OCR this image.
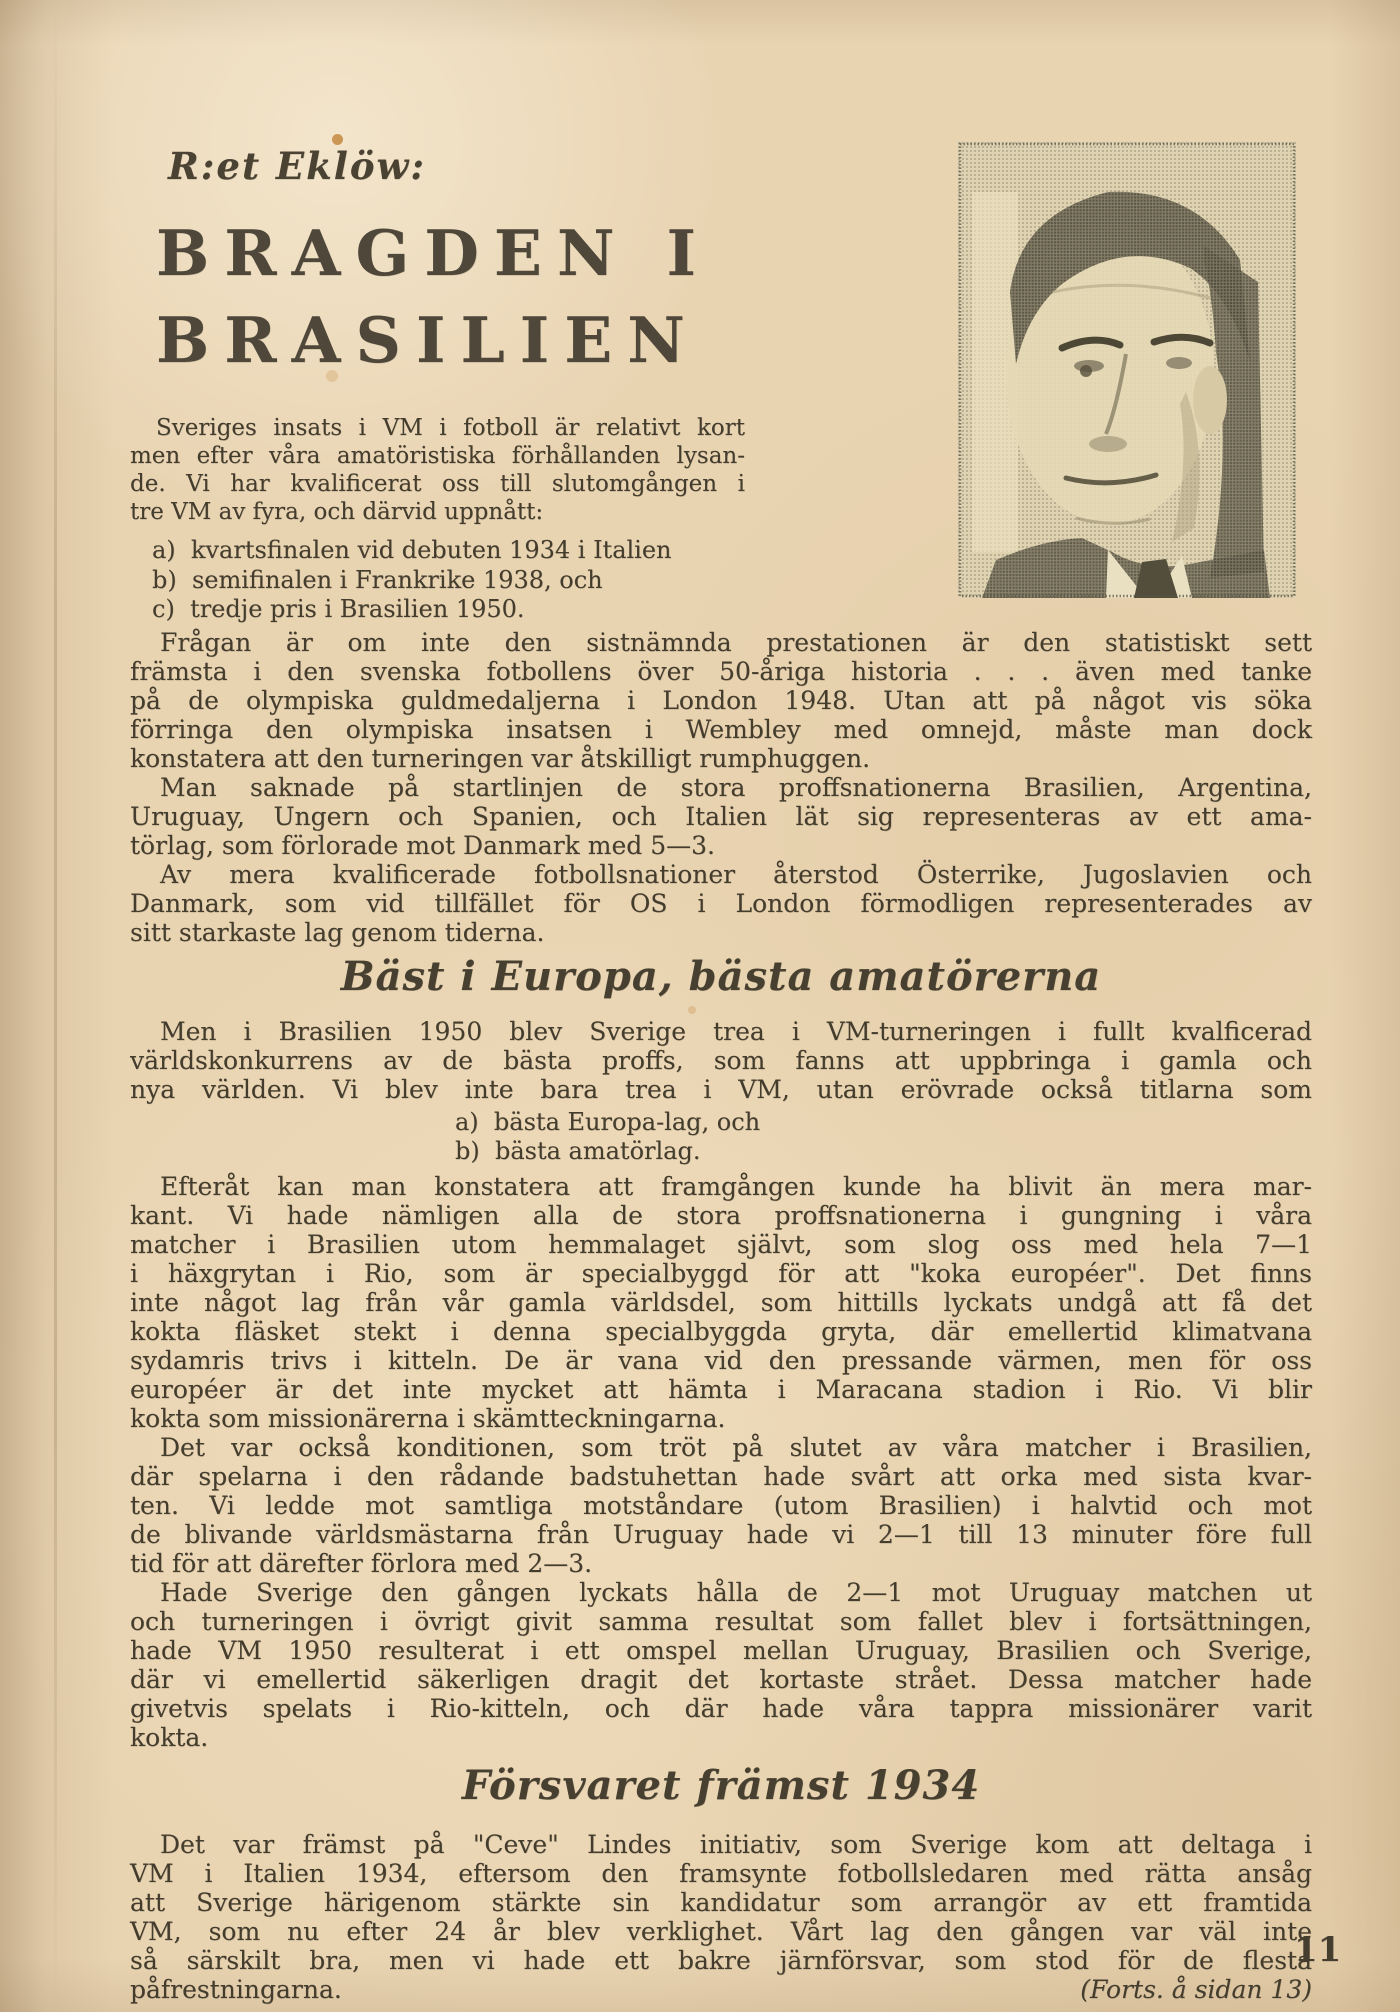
R:et Eklöw:
BRAGDEN I
BRASILIEN
Sveriges insats i VM i fotboll är relativt kort
men efter våra amatöristiska förhållanden lysan-
de. Vi har kvalificerat oss till slutomgången i
tre VM av fyra, och därvid uppnått:
a)  kvartsfinalen vid debuten 1934 i Italien
b)  semifinalen i Frankrike 1938, och
c)  tredje pris i Brasilien 1950.
Frågan är om inte den sistnämnda prestationen är den statistiskt sett
främsta i den svenska fotbollens över 50-åriga historia . . . även med tanke
på de olympiska guldmedaljerna i London 1948. Utan att på något vis söka
förringa den olympiska insatsen i Wembley med omnejd, måste man dock
konstatera att den turneringen var åtskilligt rumphuggen.
Man saknade på startlinjen de stora proffsnationerna Brasilien, Argentina,
Uruguay, Ungern och Spanien, och Italien lät sig representeras av ett ama-
törlag, som förlorade mot Danmark med 5—3.
Av mera kvalificerade fotbollsnationer återstod Österrike, Jugoslavien och
Danmark, som vid tillfället för OS i London förmodligen representerades av
sitt starkaste lag genom tiderna.
Bäst i Europa, bästa amatörerna
Men i Brasilien 1950 blev Sverige trea i VM-turneringen i fullt kvalficerad
världskonkurrens av de bästa proffs, som fanns att uppbringa i gamla och
nya världen. Vi blev inte bara trea i VM, utan erövrade också titlarna som
a)  bästa Europa-lag, och
b)  bästa amatörlag.
Efteråt kan man konstatera att framgången kunde ha blivit än mera mar-
kant. Vi hade nämligen alla de stora proffsnationerna i gungning i våra
matcher i Brasilien utom hemmalaget självt, som slog oss med hela 7—1
i häxgrytan i Rio, som är specialbyggd för att "koka européer". Det finns
inte något lag från vår gamla världsdel, som hittills lyckats undgå att få det
kokta fläsket stekt i denna specialbyggda gryta, där emellertid klimatvana
sydamris trivs i kitteln. De är vana vid den pressande värmen, men för oss
européer är det inte mycket att hämta i Maracana stadion i Rio. Vi blir
kokta som missionärerna i skämtteckningarna.
Det var också konditionen, som tröt på slutet av våra matcher i Brasilien,
där spelarna i den rådande badstuhettan hade svårt att orka med sista kvar-
ten. Vi ledde mot samtliga motståndare (utom Brasilien) i halvtid och mot
de blivande världsmästarna från Uruguay hade vi 2—1 till 13 minuter före full
tid för att därefter förlora med 2—3.
Hade Sverige den gången lyckats hålla de 2—1 mot Uruguay matchen ut
och turneringen i övrigt givit samma resultat som fallet blev i fortsättningen,
hade VM 1950 resulterat i ett omspel mellan Uruguay, Brasilien och Sverige,
där vi emellertid säkerligen dragit det kortaste strået. Dessa matcher hade
givetvis spelats i Rio-kitteln, och där hade våra tappra missionärer varit
kokta.
Försvaret främst 1934
Det var främst på "Ceve" Lindes initiativ, som Sverige kom att deltaga i
VM i Italien 1934, eftersom den framsynte fotbollsledaren med rätta ansåg
att Sverige härigenom stärkte sin kandidatur som arrangör av ett framtida
VM, som nu efter 24 år blev verklighet. Vårt lag den gången var väl inte
så särskilt bra, men vi hade ett bakre järnförsvar, som stod för de flesta
påfrestningarna.	(Forts. å sidan 13)
11
